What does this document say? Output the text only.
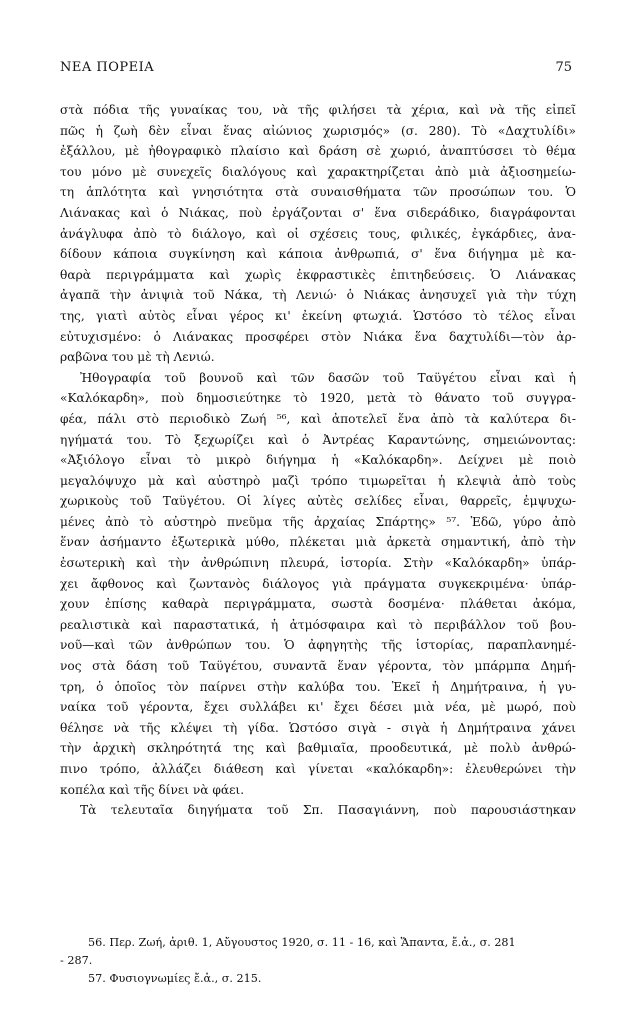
ΝΕΑ ΠΟΡΕΙΑ	75
στὰ πόδια τῆς γυναίκας του, νὰ τῆς φιλήσει τὰ χέρια, καὶ νὰ τῆς εἰπεῖ
πῶς ἡ ζωὴ δὲν εἶναι ἕνας αἰώνιος χωρισμός» (σ. 280). Τὸ «Δαχτυλίδι»
ἐξάλλου, μὲ ἠθογραφικὸ πλαίσιο καὶ δράση σὲ χωριό, ἀναπτύσσει τὸ θέμα
του μόνο μὲ συνεχεῖς διαλόγους καὶ χαρακτηρίζεται ἀπὸ μιὰ ἀξιοσημείω-
τη ἁπλότητα καὶ γνησιότητα στὰ συναισθήματα τῶν προσώπων του. Ὁ
Λιάνακας καὶ ὁ Νιάκας, ποὺ ἐργάζονται σ' ἕνα σιδεράδικο, διαγράφονται
ἀνάγλυφα ἀπὸ τὸ διάλογο, καὶ οἱ σχέσεις τους, φιλικές, ἐγκάρδιες, ἀνα-
δίδουν κάποια συγκίνηση καὶ κάποια ἀνθρωπιά, σ' ἕνα διήγημα μὲ κα-
θαρὰ περιγράμματα καὶ χωρὶς ἐκφραστικὲς ἐπιτηδεύσεις. Ὁ Λιάνακας
ἀγαπᾶ τὴν ἀνιψιὰ τοῦ Νάκα, τὴ Λενιώ· ὁ Νιάκας ἀνησυχεῖ γιὰ τὴν τύχη
της, γιατὶ αὐτὸς εἶναι γέρος κι' ἐκείνη φτωχιά. Ὡστόσο τὸ τέλος εἶναι
εὐτυχισμένο: ὁ Λιάνακας προσφέρει στὸν Νιάκα ἕνα δαχτυλίδι—τὸν ἀρ-
ραβῶνα του μὲ τὴ Λενιώ.
Ἠθογραφία τοῦ βουνοῦ καὶ τῶν δασῶν τοῦ Ταϋγέτου εἶναι καὶ ἡ
«Καλόκαρδη», ποὺ δημοσιεύτηκε τὸ 1920, μετὰ τὸ θάνατο τοῦ συγγρα-
φέα, πάλι στὸ περιοδικὸ Ζωή ⁵⁶, καὶ ἀποτελεῖ ἕνα ἀπὸ τὰ καλύτερα δι-
ηγήματά του. Τὸ ξεχωρίζει καὶ ὁ Ἀντρέας Καραντώνης, σημειώνοντας:
«Ἀξιόλογο εἶναι τὸ μικρὸ διήγημα ἡ «Καλόκαρδη». Δείχνει μὲ ποιὸ
μεγαλόψυχο μὰ καὶ αὐστηρὸ μαζὶ τρόπο τιμωρεῖται ἡ κλεψιὰ ἀπὸ τοὺς
χωρικοὺς τοῦ Ταϋγέτου. Οἱ λίγες αὐτὲς σελίδες εἶναι, θαρρεῖς, ἐμψυχω-
μένες ἀπὸ τὸ αὐστηρὸ πνεῦμα τῆς ἀρχαίας Σπάρτης» ⁵⁷. Ἐδῶ, γύρο ἀπὸ
ἕναν ἀσήμαντο ἐξωτερικὰ μύθο, πλέκεται μιὰ ἀρκετὰ σημαντική, ἀπὸ τὴν
ἐσωτερικὴ καὶ τὴν ἀνθρώπινη πλευρά, ἱστορία. Στὴν «Καλόκαρδη» ὑπάρ-
χει ἄφθονος καὶ ζωντανὸς διάλογος γιὰ πράγματα συγκεκριμένα· ὑπάρ-
χουν ἐπίσης καθαρὰ περιγράμματα, σωστὰ δοσμένα· πλάθεται ἀκόμα,
ρεαλιστικὰ καὶ παραστατικά, ἡ ἀτμόσφαιρα καὶ τὸ περιβάλλον τοῦ βου-
νοῦ—καὶ τῶν ἀνθρώπων του. Ὁ ἀφηγητὴς τῆς ἱστορίας, παραπλανημέ-
νος στὰ δάση τοῦ Ταϋγέτου, συναντᾶ ἕναν γέροντα, τὸν μπάρμπα Δημή-
τρη, ὁ ὁποῖος τὸν παίρνει στὴν καλύβα του. Ἐκεῖ ἡ Δημήτραινα, ἡ γυ-
ναίκα τοῦ γέροντα, ἔχει συλλάβει κι' ἔχει δέσει μιὰ νέα, μὲ μωρό, ποὺ
θέλησε νὰ τῆς κλέψει τὴ γίδα. Ὡστόσο σιγὰ - σιγὰ ἡ Δημήτραινα χάνει
τὴν ἀρχικὴ σκληρότητά της καὶ βαθμιαῖα, προοδευτικά, μὲ πολὺ ἀνθρώ-
πινο τρόπο, ἀλλάζει διάθεση καὶ γίνεται «καλόκαρδη»: ἐλευθερώνει τὴν
κοπέλα καὶ τῆς δίνει νὰ φάει.
Τὰ τελευταῖα διηγήματα τοῦ Σπ. Πασαγιάννη, ποὺ παρουσιάστηκαν
56. Περ. Ζωή, ἀριθ. 1, Αὔγουστος 1920, σ. 11 - 16, καὶ Ἅπαντα, ἔ.ἀ., σ. 281
- 287.
57. Φυσιογνωμίες ἔ.ἀ., σ. 215.
